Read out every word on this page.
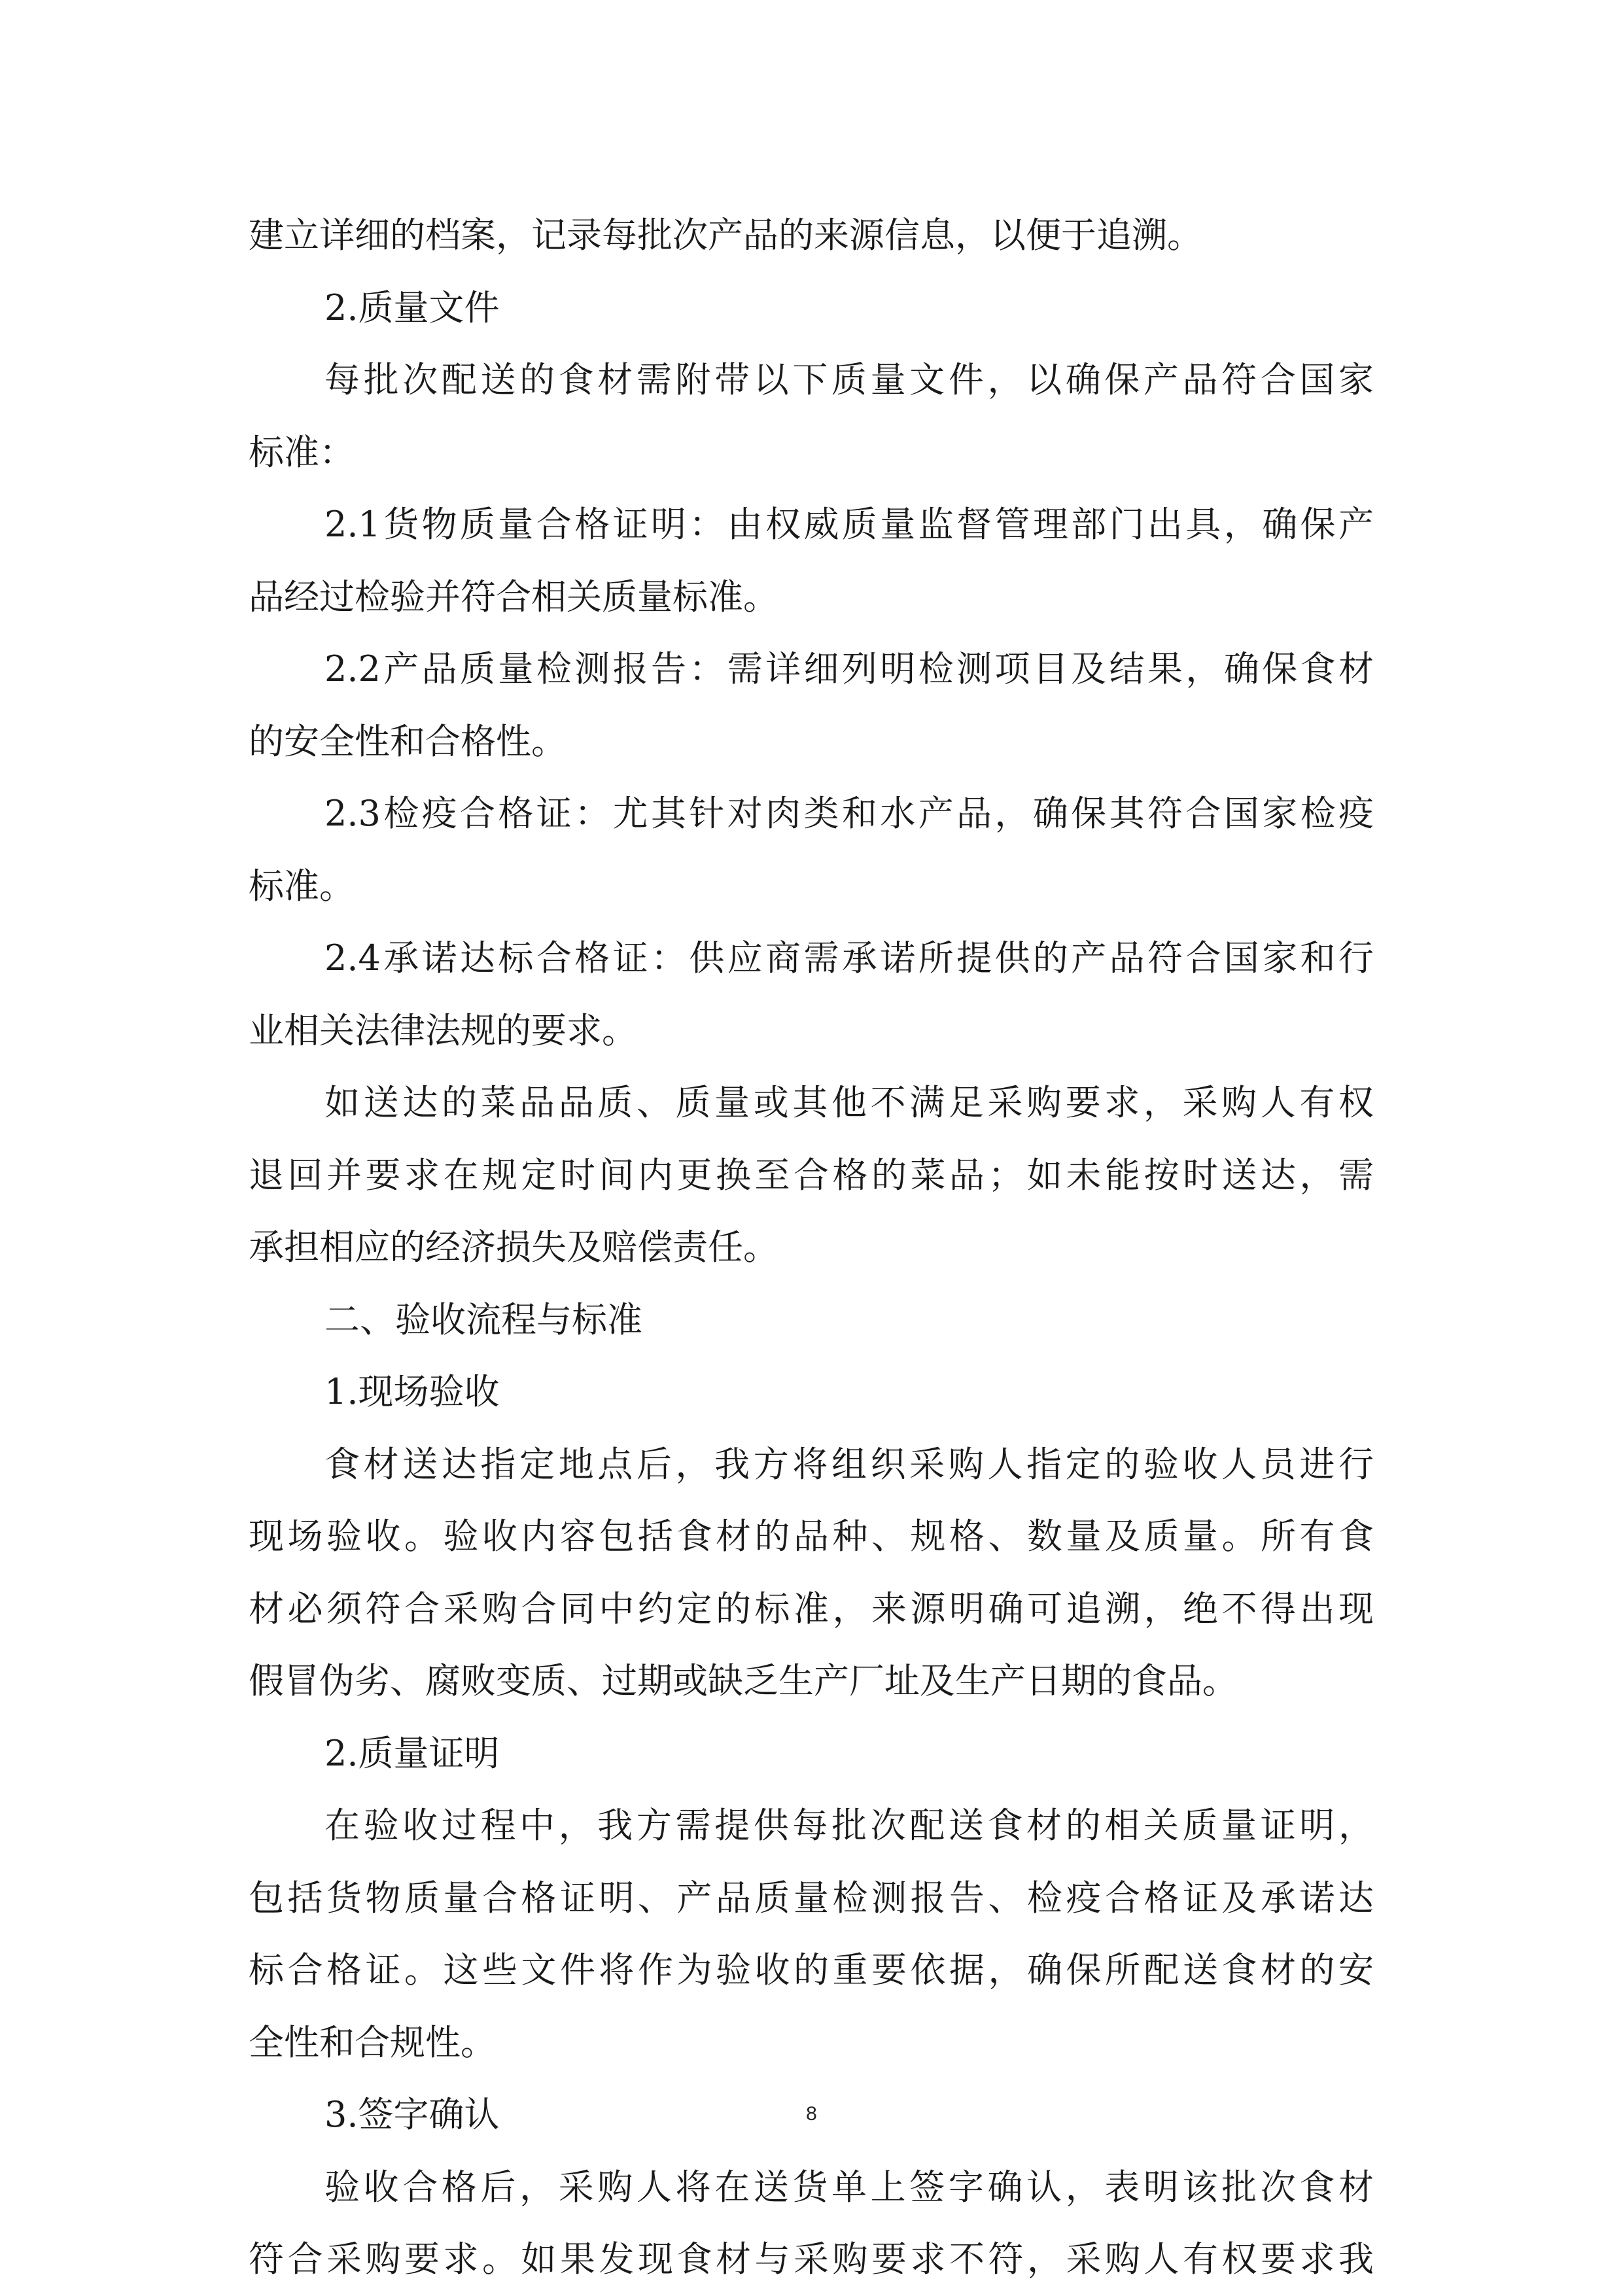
建立详细的档案，记录每批次产品的来源信息，以便于追溯。
2.质量文件
每批次配送的食材需附带以下质量文件，以确保产品符合国家
标准：
2.1货物质量合格证明：由权威质量监督管理部门出具，确保产
品经过检验并符合相关质量标准。
2.2产品质量检测报告：需详细列明检测项目及结果，确保食材
的安全性和合格性。
2.3检疫合格证：尤其针对肉类和水产品，确保其符合国家检疫
标准。
2.4承诺达标合格证：供应商需承诺所提供的产品符合国家和行
业相关法律法规的要求。
如送达的菜品品质、质量或其他不满足采购要求，采购人有权
退回并要求在规定时间内更换至合格的菜品；如未能按时送达，需
承担相应的经济损失及赔偿责任。
二、验收流程与标准
1.现场验收
食材送达指定地点后，我方将组织采购人指定的验收人员进行
现场验收。验收内容包括食材的品种、规格、数量及质量。所有食
材必须符合采购合同中约定的标准，来源明确可追溯，绝不得出现
假冒伪劣、腐败变质、过期或缺乏生产厂址及生产日期的食品。
2.质量证明
在验收过程中，我方需提供每批次配送食材的相关质量证明，
包括货物质量合格证明、产品质量检测报告、检疫合格证及承诺达
标合格证。这些文件将作为验收的重要依据，确保所配送食材的安
全性和合规性。
3.签字确认
验收合格后，采购人将在送货单上签字确认，表明该批次食材
符合采购要求。如果发现食材与采购要求不符，采购人有权要求我
8
